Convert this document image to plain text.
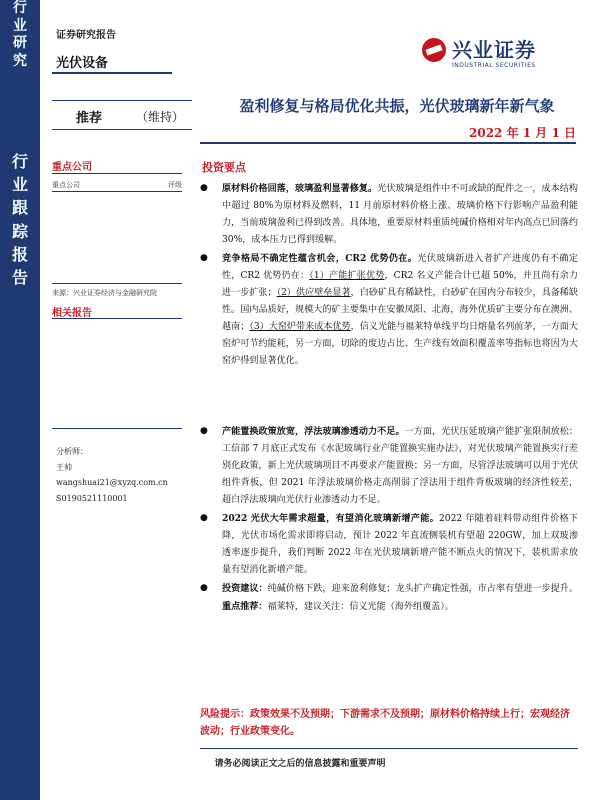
行
业
研
究
行
业
跟
踪
报
告
证券研究报告
光伏设备
兴业证券
INDUSTRIAL SECURITIES
推荐	（维持）
盈利修复与格局优化共振，光伏玻璃新年新气象
2022 年 1 月 1 日
重点公司
重点公司	评级
来源：兴业证券经济与金融研究院
相关报告
分析师：
王帅
wangshuai21@xyzq.com.cn
S0190521110001
投资要点
● 原材料价格回落，玻璃盈利显著修复。光伏玻璃是组件中不可或缺的配件之一，成本结构中超过 80%为原材料及燃料，11 月前原材料价格上涨、玻璃价格下行影响产品盈利能力，当前玻璃盈利已得到改善。具体地，重要原材料重质纯碱价格相对年内高点已回落约 30%，成本压力已得到缓解。
● 竞争格局不确定性蕴含机会，CR2 优势仍在。光伏玻璃新进入者扩产进度仍有不确定性，CR2 优势仍在：（1）产能扩张优势，CR2 名义产能合计已超 50%，并且尚有余力进一步扩张；（2）供应壁垒显著，白砂矿具有稀缺性，白砂矿在国内分布较少，具备稀缺性。国内品质好，规模大的矿主要集中在安徽凤阳、北海，海外优质矿主要分布在澳洲、越南；（3）大窑炉带来成本优势，信义光能与福莱特单线平均日熔量名列前茅，一方面大窑炉可节约能耗，另一方面，切除的废边占比、生产线有效面积覆盖率等指标也将因为大窑炉得到显著优化。
● 产能置换政策放宽，浮法玻璃渗透动力不足。一方面，光伏压延玻璃产能扩张限制放松：工信部 7 月底正式发布《水泥玻璃行业产能置换实施办法》，对光伏玻璃产能置换实行差别化政策，新上光伏玻璃项目不再要求产能置换；另一方面，尽管浮法玻璃可以用于光伏组件背板，但 2021 年浮法玻璃价格走高削弱了浮法用于组件背板玻璃的经济性较差，超白浮法玻璃向光伏行业渗透动力不足。
● 2022 光伏大年需求超量，有望消化玻璃新增产能。2022 年随着硅料带动组件价格下降，光伏市场化需求即将启动，预计 2022 年直流侧装机有望超 220GW，加上双玻渗透率逐步提升，我们判断 2022 年在光伏玻璃新增产能不断点火的情况下，装机需求放量有望消化新增产能。
● 投资建议：纯碱价格下跌，迎来盈利修复；龙头扩产确定性强，市占率有望进一步提升。重点推荐：福莱特，建议关注：信义光能（海外组覆盖）。
风险提示：政策效果不及预期；下游需求不及预期；原材料价格持续上行；宏观经济波动；行业政策变化。
请务必阅读正文之后的信息披露和重要声明
